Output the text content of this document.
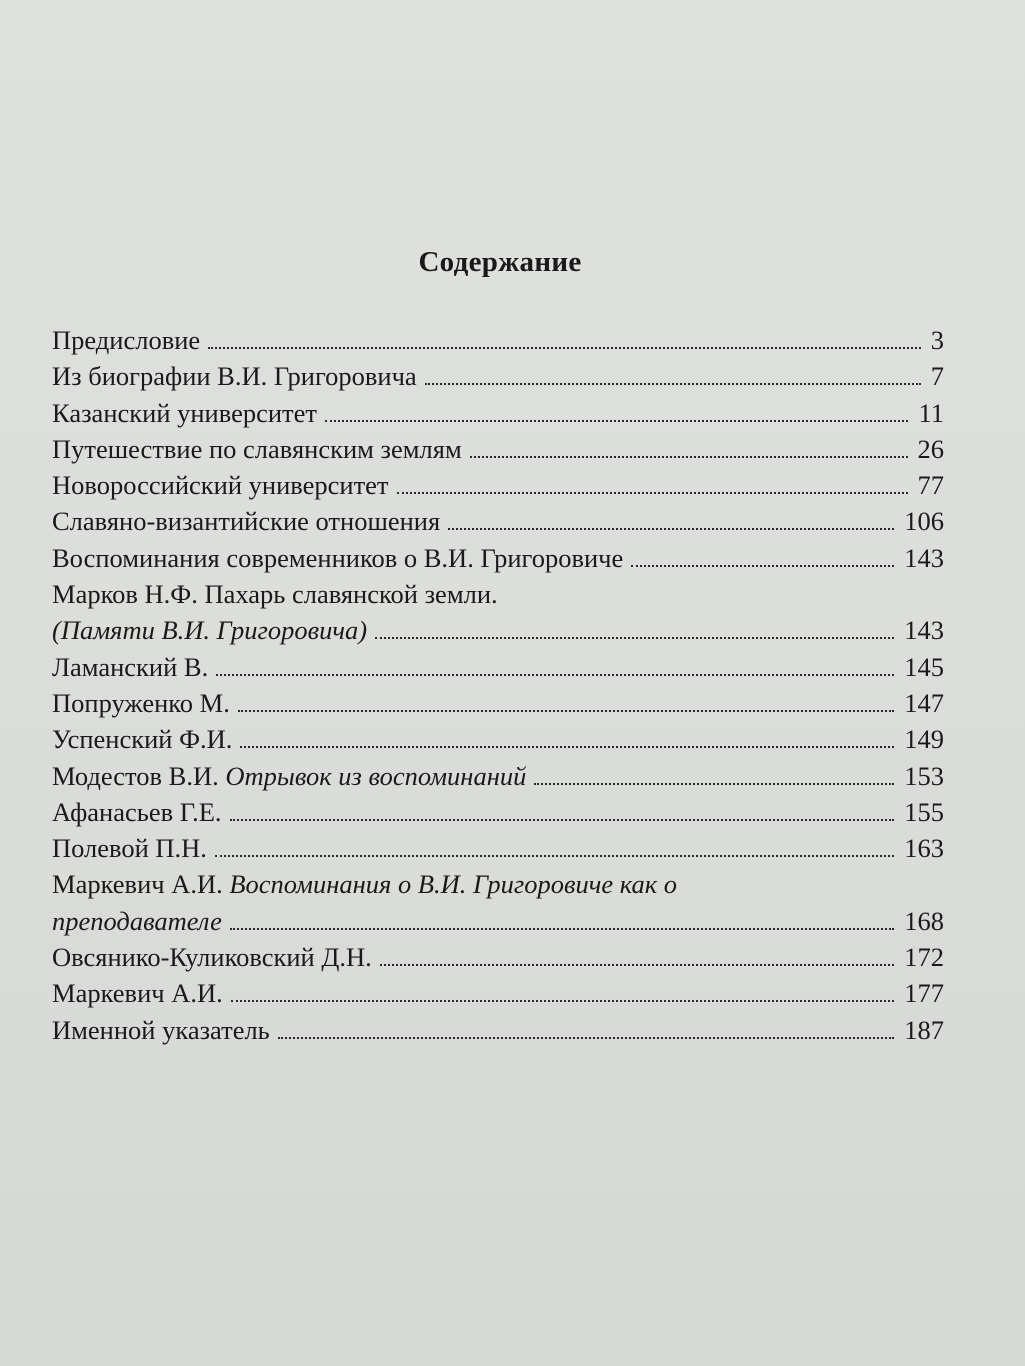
Содержание
Предисловие	3
Из биографии В.И. Григоровича	7
Казанский университет	11
Путешествие по славянским землям	26
Новороссийский университет	77
Славяно-византийские отношения	106
Воспоминания современников о В.И. Григоровиче	143
Марков Н.Ф. Пахарь славянской земли.
(Памяти В.И. Григоровича)	143
Ламанский В.	145
Попруженко М.	147
Успенский Ф.И.	149
Модестов В.И. Отрывок из воспоминаний	153
Афанасьев Г.Е.	155
Полевой П.Н.	163
Маркевич А.И. Воспоминания о В.И. Григоровиче как о
преподавателе	168
Овсянико-Куликовский Д.Н.	172
Маркевич А.И.	177
Именной указатель	187
